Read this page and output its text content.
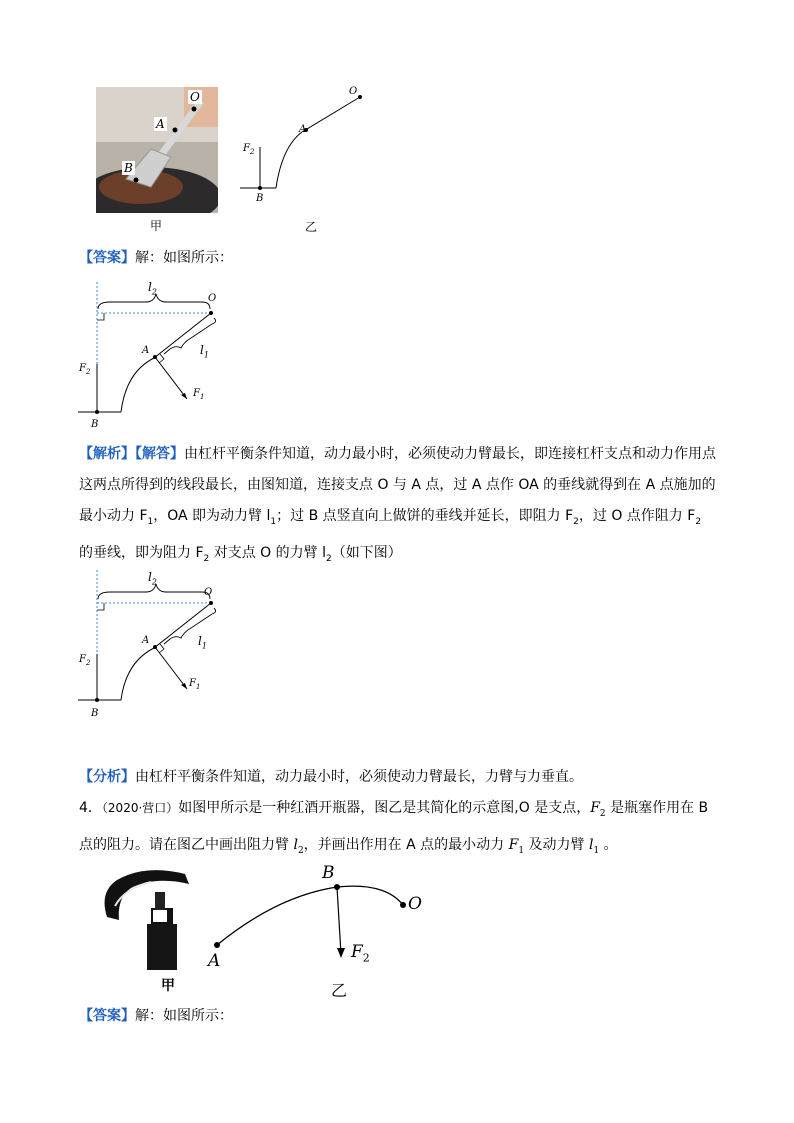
O
A
B
O
A
$F_2$
B
甲	乙
【答案】解：如图所示：
$l_2$
O
A	$l_1$
$F_2$
$F_1$
B
【解析】【解答】由杠杆平衡条件知道，动力最小时，必须使动力臂最长，即连接杠杆支点和动力作用点这两点所得到的线段最长，由图知道，连接支点 O 与 A 点，过 A 点作 OA 的垂线就得到在 A 点施加的最小动力 $F_1$，OA 即为动力臂 $l_1$；过 B 点竖直向上做饼的垂线并延长，即阻力 $F_2$，过 O 点作阻力 $F_2$ 的垂线，即为阻力 $F_2$ 对支点 O 的力臂 $l_2$（如下图）
$l_2$
O
A	$l_1$
$F_2$
$F_1$
B
【分析】由杠杆平衡条件知道，动力最小时，必须使动力臂最长，力臂与力垂直。
4．（2020·营口）如图甲所示是一种红酒开瓶器，图乙是其简化的示意图,O 是支点，$F_2$ 是瓶塞作用在 B 点的阻力。请在图乙中画出阻力臂 $l_2$，并画出作用在 A 点的最小动力 $F_1$ 及动力臂 $l_1$ 。
B
O
A	$F_2$
甲	乙
【答案】解：如图所示：
